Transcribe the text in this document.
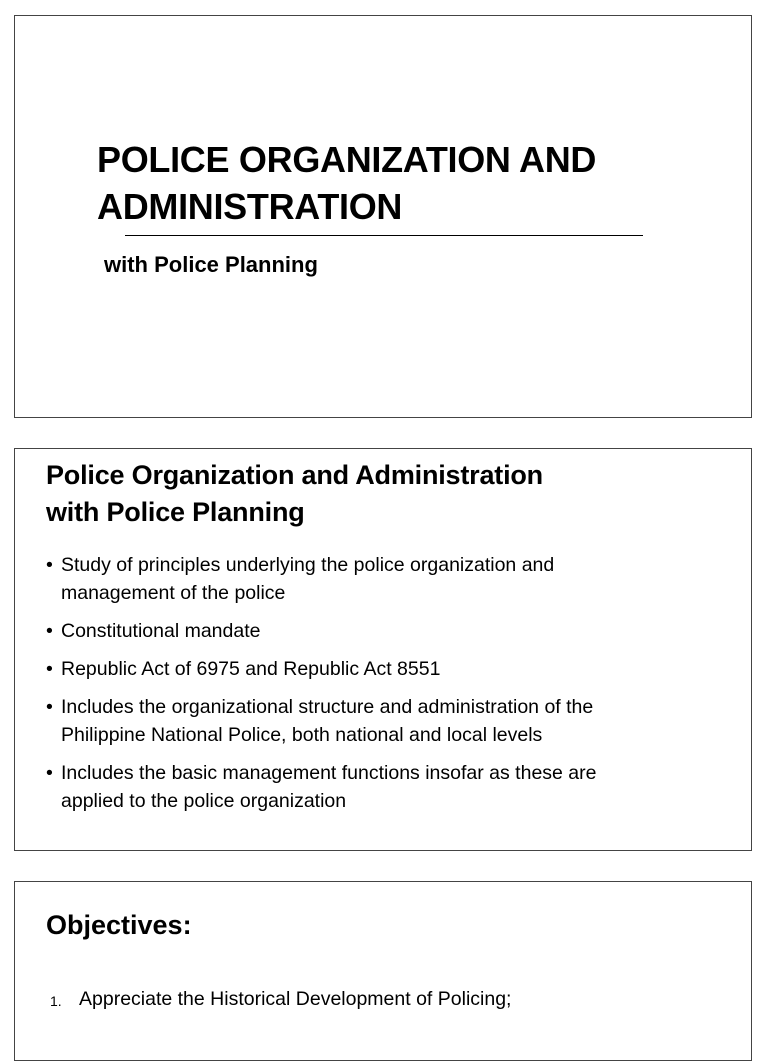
POLICE ORGANIZATION AND
ADMINISTRATION
with Police Planning
Police Organization and Administration
with Police Planning
• Study of principles underlying the police organization and
management of the police
• Constitutional mandate
• Republic Act of 6975 and Republic Act 8551
• Includes the organizational structure and administration of the
Philippine National Police, both national and local levels
• Includes the basic management functions insofar as these are
applied to the police organization
Objectives:
1. Appreciate the Historical Development of Policing;
